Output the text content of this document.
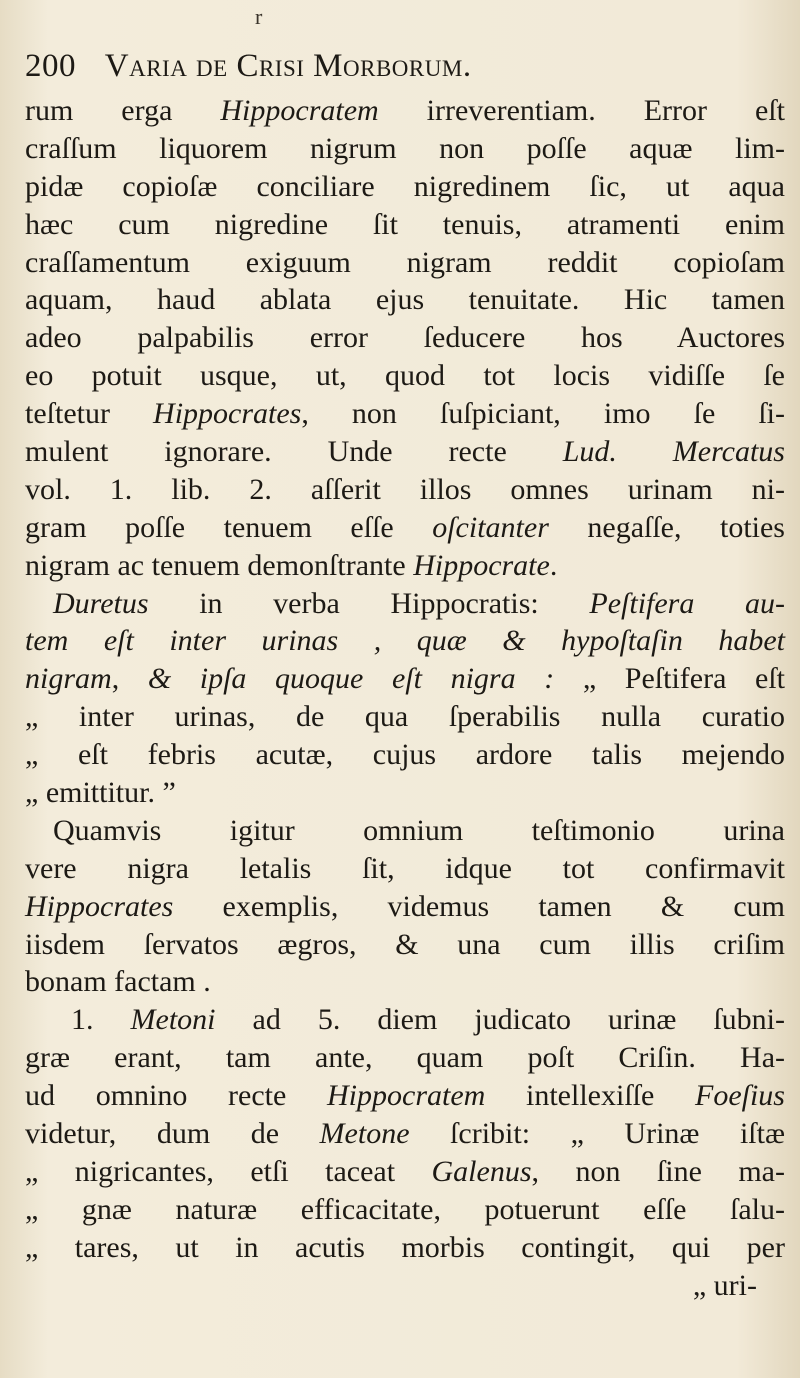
r
200 Varia de Crisi Morborum.
rum erga Hippocratem irreverentiam. Error eſt
craſſum liquorem nigrum non poſſe aquæ lim-
pidæ copioſæ conciliare nigredinem ſic, ut aqua
hæc cum nigredine ſit tenuis, atramenti enim
craſſamentum exiguum nigram reddit copioſam
aquam, haud ablata ejus tenuitate. Hic tamen
adeo palpabilis error ſeducere hos Auctores
eo potuit usque, ut, quod tot locis vidiſſe ſe
teſtetur Hippocrates, non ſuſpiciant, imo ſe ſi-
mulent ignorare. Unde recte Lud. Mercatus
vol. 1. lib. 2. aſſerit illos omnes urinam ni-
gram poſſe tenuem eſſe oſcitanter negaſſe, toties
nigram ac tenuem demonſtrante Hippocrate.
Duretus in verba Hippocratis: Peſtifera au-
tem eſt inter urinas , quæ & hypoſtaſin habet
nigram, & ipſa quoque eſt nigra : „ Peſtifera eſt
„ inter urinas, de qua ſperabilis nulla curatio
„ eſt febris acutæ, cujus ardore talis mejendo
„ emittitur. ”
Quamvis igitur omnium teſtimonio urina
vere nigra letalis ſit, idque tot confirmavit
Hippocrates exemplis, videmus tamen & cum
iisdem ſervatos ægros, & una cum illis criſim
bonam factam .
1. Metoni ad 5. diem judicato urinæ ſubni-
græ erant, tam ante, quam poſt Criſin. Ha-
ud omnino recte Hippocratem intellexiſſe Foeſius
videtur, dum de Metone ſcribit: „ Urinæ iſtæ
„ nigricantes, etſi taceat Galenus, non ſine ma-
„ gnæ naturæ efficacitate, potuerunt eſſe ſalu-
„ tares, ut in acutis morbis contingit, qui per
„ uri-
